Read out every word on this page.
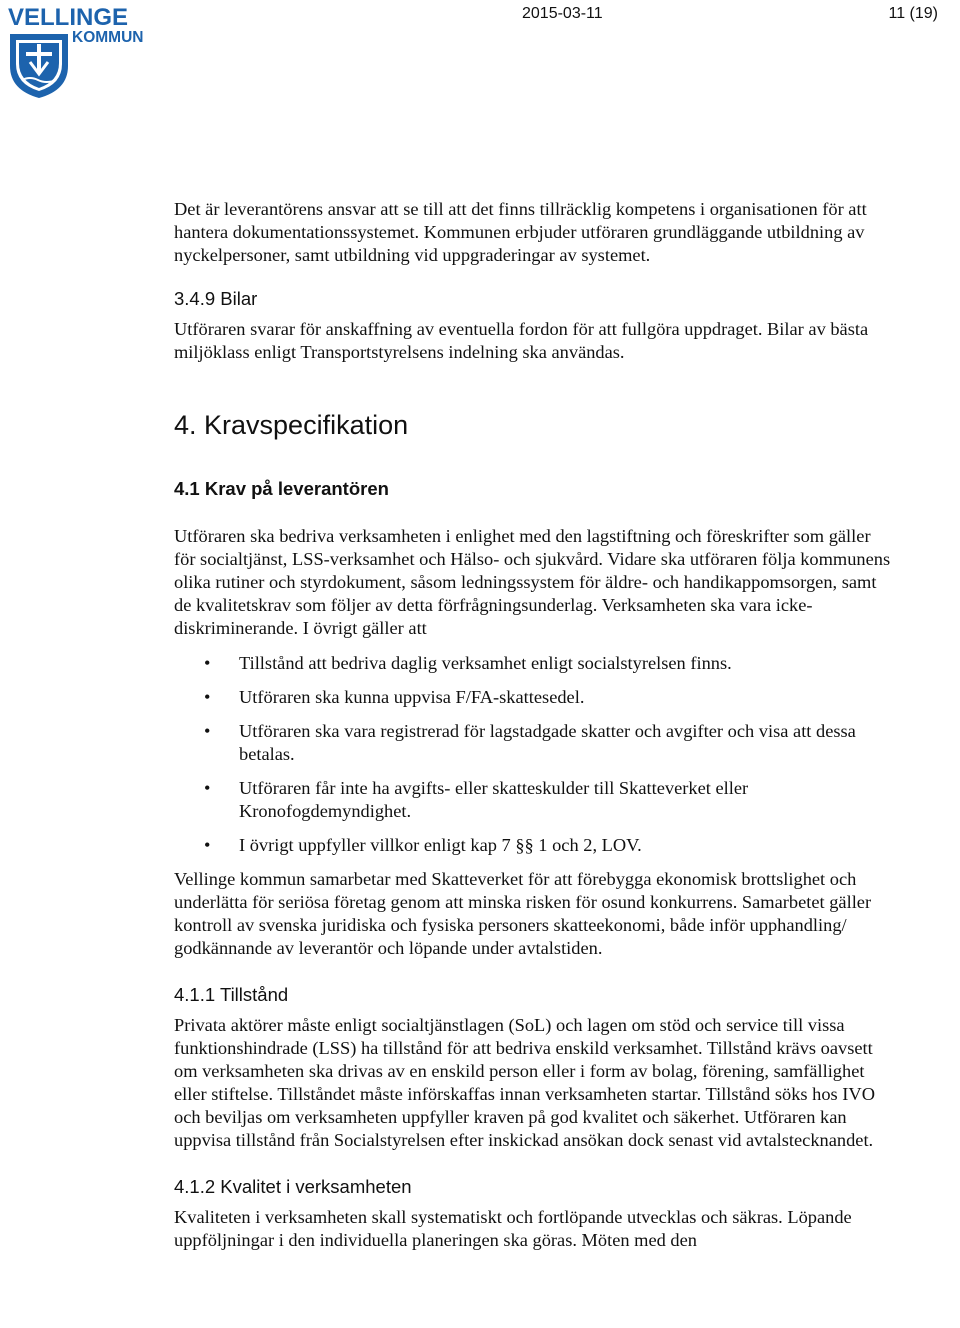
VELLINGE
KOMMUN
2015-03-11	11 (19)

Det är leverantörens ansvar att se till att det finns tillräcklig kompetens i organisationen för att hantera dokumentationssystemet. Kommunen erbjuder utföraren grundläggande utbildning av nyckelpersoner, samt utbildning vid uppgraderingar av systemet.

3.4.9 Bilar

Utföraren svarar för anskaffning av eventuella fordon för att fullgöra uppdraget. Bilar av bästa miljöklass enligt Transportstyrelsens indelning ska användas.

4. Kravspecifikation
4.1 Krav på leverantören

Utföraren ska bedriva verksamheten i enlighet med den lagstiftning och föreskrifter som gäller för socialtjänst, LSS-verksamhet och Hälso- och sjukvård. Vidare ska utföraren följa kommunens olika rutiner och styrdokument, såsom ledningssystem för äldre- och handikappomsorgen, samt de kvalitetskrav som följer av detta förfrågningsunderlag. Verksamheten ska vara icke-diskriminerande. I övrigt gäller att

• Tillstånd att bedriva daglig verksamhet enligt socialstyrelsen finns.
• Utföraren ska kunna uppvisa F/FA-skattesedel.
• Utföraren ska vara registrerad för lagstadgade skatter och avgifter och visa att dessa betalas.
• Utföraren får inte ha avgifts- eller skatteskulder till Skatteverket eller Kronofogdemyndighet.
• I övrigt uppfyller villkor enligt kap 7 §§ 1 och 2, LOV.

Vellinge kommun samarbetar med Skatteverket för att förebygga ekonomisk brottslighet och underlätta för seriösa företag genom att minska risken för osund konkurrens. Samarbetet gäller kontroll av svenska juridiska och fysiska personers skatteekonomi, både inför upphandling/ godkännande av leverantör och löpande under avtalstiden.

4.1.1 Tillstånd

Privata aktörer måste enligt socialtjänstlagen (SoL) och lagen om stöd och service till vissa funktionshindrade (LSS) ha tillstånd för att bedriva enskild verksamhet. Tillstånd krävs oavsett om verksamheten ska drivas av en enskild person eller i form av bolag, förening, samfällighet eller stiftelse. Tillståndet måste införskaffas innan verksamheten startar. Tillstånd söks hos IVO och beviljas om verksamheten uppfyller kraven på god kvalitet och säkerhet. Utföraren kan uppvisa tillstånd från Socialstyrelsen efter inskickad ansökan dock senast vid avtalstecknandet.

4.1.2 Kvalitet i verksamheten

Kvaliteten i verksamheten skall systematiskt och fortlöpande utvecklas och säkras. Löpande uppföljningar i den individuella planeringen ska göras. Möten med den
